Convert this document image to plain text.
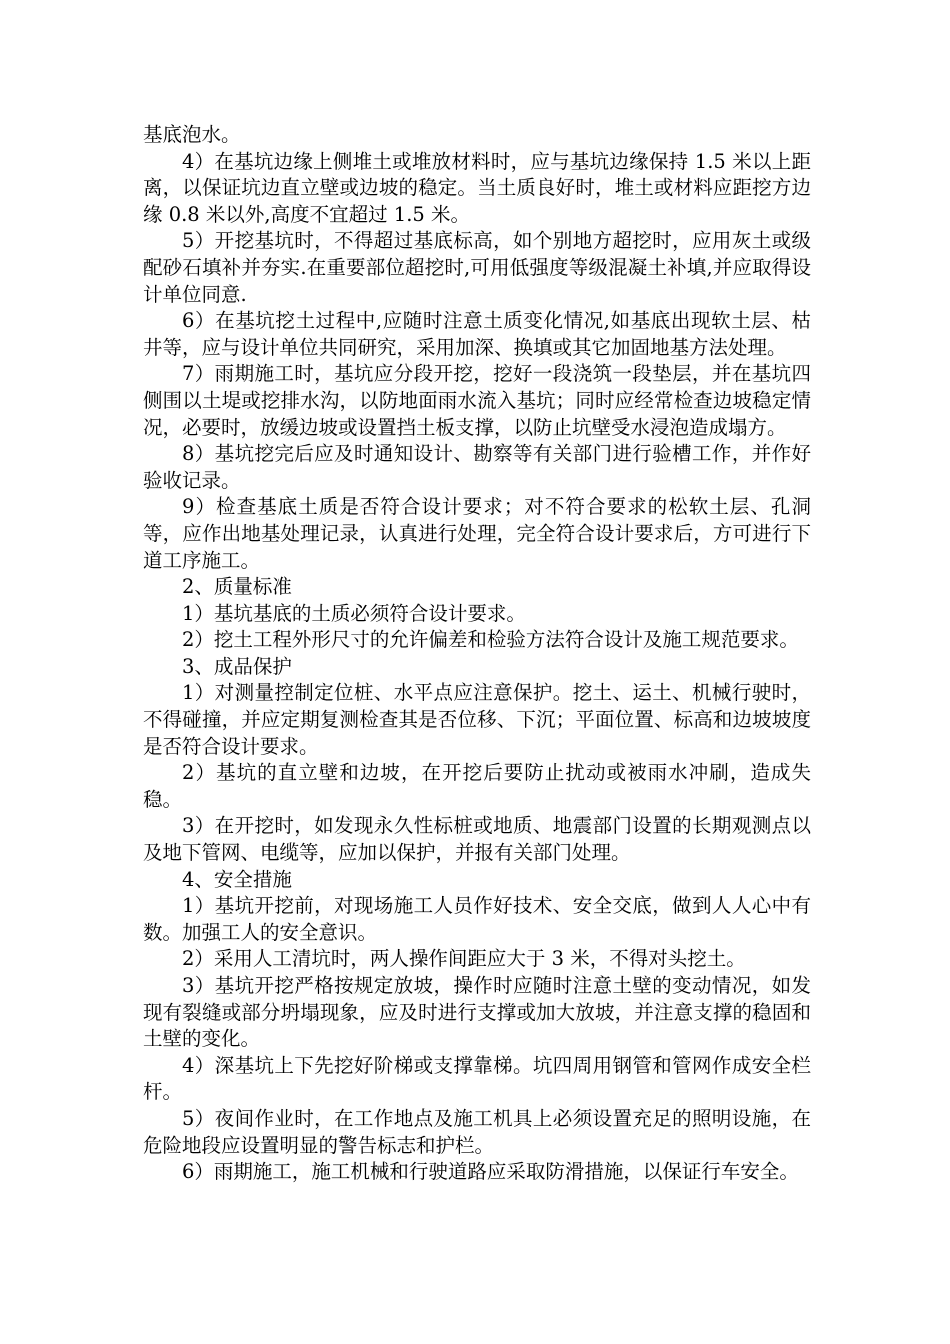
基底泡水。

4）在基坑边缘上侧堆土或堆放材料时，应与基坑边缘保持 1.5 米以上距离，以保证坑边直立壁或边坡的稳定。当土质良好时，堆土或材料应距挖方边缘 0.8 米以外,高度不宜超过 1.5 米。

5）开挖基坑时，不得超过基底标高，如个别地方超挖时，应用灰土或级配砂石填补并夯实.在重要部位超挖时,可用低强度等级混凝土补填,并应取得设计单位同意.

6）在基坑挖土过程中,应随时注意土质变化情况,如基底出现软土层、枯井等，应与设计单位共同研究，采用加深、换填或其它加固地基方法处理。

7）雨期施工时，基坑应分段开挖，挖好一段浇筑一段垫层，并在基坑四侧围以土堤或挖排水沟，以防地面雨水流入基坑；同时应经常检查边坡稳定情况，必要时，放缓边坡或设置挡土板支撑，以防止坑壁受水浸泡造成塌方。

8）基坑挖完后应及时通知设计、勘察等有关部门进行验槽工作，并作好验收记录。

9）检查基底土质是否符合设计要求；对不符合要求的松软土层、孔洞等，应作出地基处理记录，认真进行处理，完全符合设计要求后，方可进行下道工序施工。

2、质量标准

1）基坑基底的土质必须符合设计要求。

2）挖土工程外形尺寸的允许偏差和检验方法符合设计及施工规范要求。

3、成品保护

1）对测量控制定位桩、水平点应注意保护。挖土、运土、机械行驶时，不得碰撞，并应定期复测检查其是否位移、下沉；平面位置、标高和边坡坡度是否符合设计要求。

2）基坑的直立壁和边坡，在开挖后要防止扰动或被雨水冲刷，造成失稳。

3）在开挖时，如发现永久性标桩或地质、地震部门设置的长期观测点以及地下管网、电缆等，应加以保护，并报有关部门处理。

4、安全措施

1）基坑开挖前，对现场施工人员作好技术、安全交底，做到人人心中有数。加强工人的安全意识。

2）采用人工清坑时，两人操作间距应大于 3 米，不得对头挖土。

3）基坑开挖严格按规定放坡，操作时应随时注意土壁的变动情况，如发现有裂缝或部分坍塌现象，应及时进行支撑或加大放坡，并注意支撑的稳固和土壁的变化。

4）深基坑上下先挖好阶梯或支撑靠梯。坑四周用钢管和管网作成安全栏杆。

5）夜间作业时，在工作地点及施工机具上必须设置充足的照明设施，在危险地段应设置明显的警告标志和护栏。

6）雨期施工，施工机械和行驶道路应采取防滑措施，以保证行车安全。
